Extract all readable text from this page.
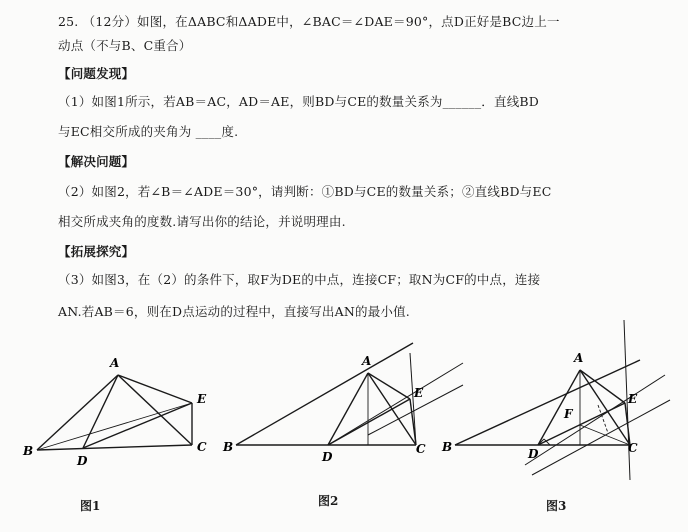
25. （12分）如图，在ΔABC和ΔADE中，∠BAC＝∠DAE＝90°，点D正好是BC边上一
动点（不与B、C重合）
【问题发现】
（1）如图1所示，若AB＝AC，AD＝AE，则BD与CE的数量关系为______．直线BD
与EC相交所成的夹角为 ____度.
【解决问题】
（2）如图2，若∠B＝∠ADE＝30°，请判断：①BD与CE的数量关系；②直线BD与EC
相交所成夹角的度数.请写出你的结论，并说明理由.
【拓展探究】
（3）如图3，在（2）的条件下，取F为DE的中点，连接CF；取N为CF的中点，连接
AN.若AB＝6，则在D点运动的过程中，直接写出AN的最小值.
A
B
D
C
E
图1
A
B
D
C
E
图2
A
B	D	C
E
F
图3
